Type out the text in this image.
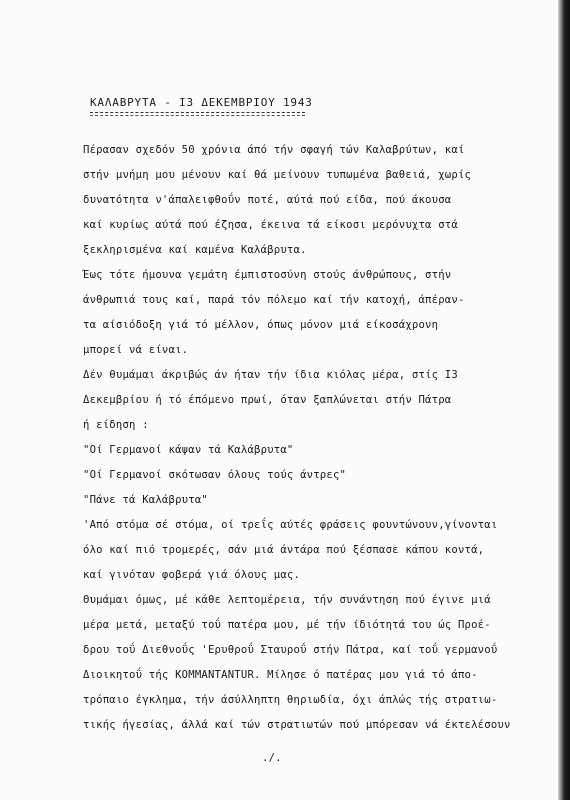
ΚΑΛΑΒΡΥΤΑ - Ι3 ΔΕΚΕΜΒΡΙΟΥ 1943
Πέρασαν σχεδόν 50 χρόνια άπό τήν σφαγή τών Καλαβρύτων, καί
στήν μνήμη μου μένουν καί θά μείνουν τυπωμένα βαθειά, χωρίς
δυνατότητα ν'άπαλειφθοΰν ποτέ, αύτά πού είδα, πού άκουσα
καί κυρίως αύτά πού έζησα, έκεινα τά είκοσι μερόνυχτα στά
ξεκληρισμένα καί καμένα Καλάβρυτα.
Έως τότε ήμουνα γεμάτη έμπιστοσύνη στούς άνθρώπους, στήν
άνθρωπιά τους καί, παρά τόν πόλεμο καί τήν κατοχή, άπέραν-
τα αίσιόδοξη γιά τό μέλλον, όπως μόνον μιά είκοσάχρονη
μπορεί νά είναι.
Δέν θυμάμαι άκριβώς άν ήταν τήν ίδια κιόλας μέρα, στίς Ι3
Δεκεμβρίου ή τό έπόμενο πρωί, όταν ξαπλώνεται στήν Πάτρα
ή είδηση :
"Οί Γερμανοί κάψαν τά Καλάβρυτα"
"Οί Γερμανοί σκότωσαν όλους τούς άντρες"
"Πάνε τά Καλάβρυτα"
'Από στόμα σέ στόμα, οί τρεΐς αύτές φράσεις φουντώνουν,γίνονται
όλο καί πιό τρομερές, σάν μιά άντάρα πού ξέσπασε κάπου κοντά,
καί γινόταν φοβερά γιά όλους μας.
Θυμάμαι όμως, μέ κάθε λεπτομέρεια, τήν συνάντηση πού έγινε μιά
μέρα μετά, μεταξύ τοΰ πατέρα μου, μέ τήν ίδιότητά του ώς Προέ-
δρου τοΰ Διεθνοΰς 'Ερυθροΰ Σταυροΰ στήν Πάτρα, καί τοΰ γερμανοΰ
Διοικητοΰ τής KOMMANTANTUR. Μίλησε ό πατέρας μου γιά τό άπο-
τρόπαιο έγκλημα, τήν άσύλληπτη θηριωδία, όχι άπλώς τής στρατιω-
τικής ήγεσίας, άλλά καί τών στρατιωτών πού μπόρεσαν νά έκτελέσουν
./.
